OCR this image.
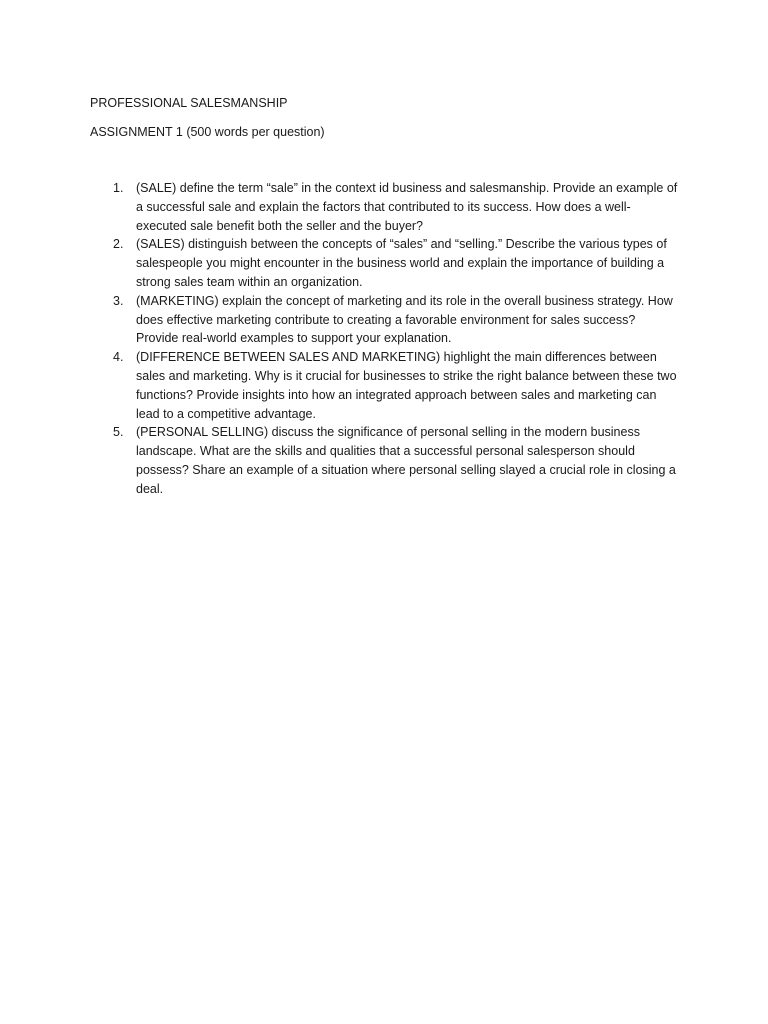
PROFESSIONAL SALESMANSHIP
ASSIGNMENT 1 (500 words per question)
1. (SALE) define the term “sale” in the context id business and salesmanship. Provide an example of a successful sale and explain the factors that contributed to its success. How does a well-executed sale benefit both the seller and the buyer?
2. (SALES) distinguish between the concepts of “sales” and “selling.” Describe the various types of salespeople you might encounter in the business world and explain the importance of building a strong sales team within an organization.
3. (MARKETING) explain the concept of marketing and its role in the overall business strategy. How does effective marketing contribute to creating a favorable environment for sales success? Provide real-world examples to support your explanation.
4. (DIFFERENCE BETWEEN SALES AND MARKETING) highlight the main differences between sales and marketing. Why is it crucial for businesses to strike the right balance between these two functions? Provide insights into how an integrated approach between sales and marketing can lead to a competitive advantage.
5. (PERSONAL SELLING) discuss the significance of personal selling in the modern business landscape. What are the skills and qualities that a successful personal salesperson should possess? Share an example of a situation where personal selling slayed a crucial role in closing a deal.
